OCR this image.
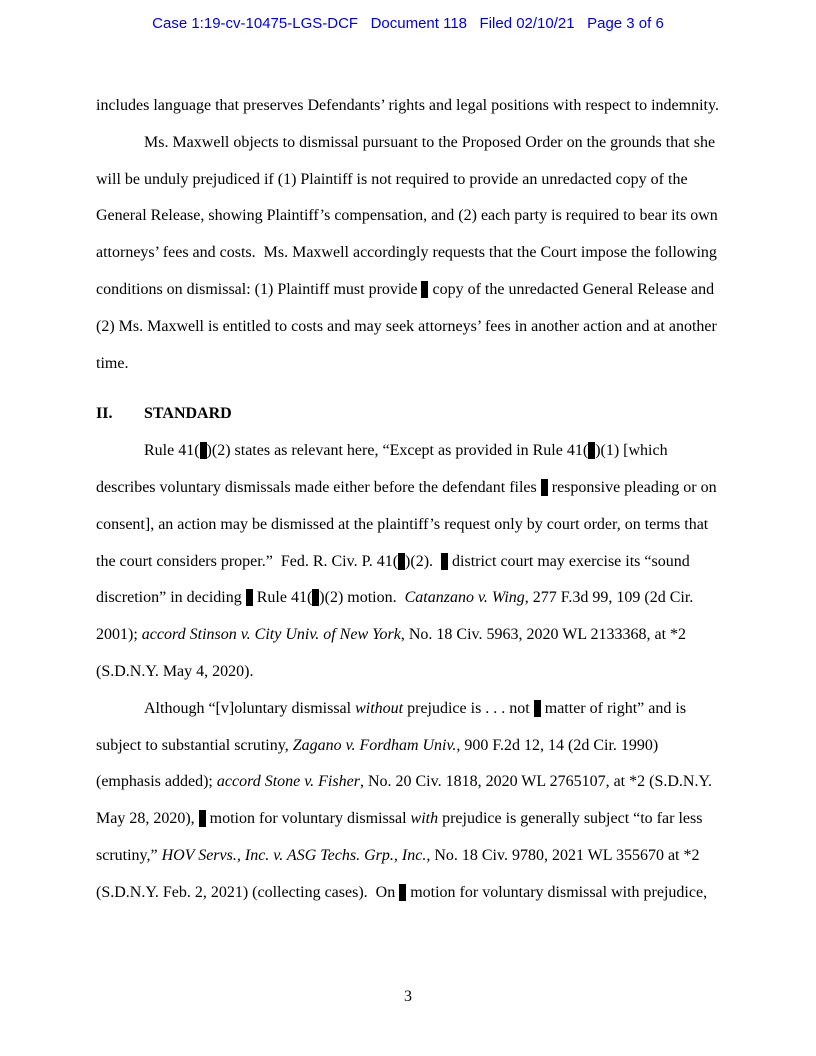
Case 1:19-cv-10475-LGS-DCF   Document 118   Filed 02/10/21   Page 3 of 6

includes language that preserves Defendants’ rights and legal positions with respect to indemnity.

Ms. Maxwell objects to dismissal pursuant to the Proposed Order on the grounds that she will be unduly prejudiced if (1) Plaintiff is not required to provide an unredacted copy of the General Release, showing Plaintiff’s compensation, and (2) each party is required to bear its own attorneys’ fees and costs.  Ms. Maxwell accordingly requests that the Court impose the following conditions on dismissal: (1) Plaintiff must provide  copy of the unredacted General Release and (2) Ms. Maxwell is entitled to costs and may seek attorneys’ fees in another action and at another time.

II. STANDARD

Rule 41( )(2) states as relevant here, “Except as provided in Rule 41( )(1) [which describes voluntary dismissals made either before the defendant files  responsive pleading or on consent], an action may be dismissed at the plaintiff’s request only by court order, on terms that the court considers proper.”  Fed. R. Civ. P. 41( )(2).   district court may exercise its “sound discretion” in deciding  Rule 41( )(2) motion.  Catanzano v. Wing, 277 F.3d 99, 109 (2d Cir. 2001); accord Stinson v. City Univ. of New York, No. 18 Civ. 5963, 2020 WL 2133368, at *2 (S.D.N.Y. May 4, 2020).

Although “[v]oluntary dismissal without prejudice is . . . not  matter of right” and is subject to substantial scrutiny, Zagano v. Fordham Univ., 900 F.2d 12, 14 (2d Cir. 1990) (emphasis added); accord Stone v. Fisher, No. 20 Civ. 1818, 2020 WL 2765107, at *2 (S.D.N.Y. May 28, 2020),  motion for voluntary dismissal with prejudice is generally subject “to far less scrutiny,” HOV Servs., Inc. v. ASG Techs. Grp., Inc., No. 18 Civ. 9780, 2021 WL 355670 at *2 (S.D.N.Y. Feb. 2, 2021) (collecting cases).  On  motion for voluntary dismissal with prejudice,

3
